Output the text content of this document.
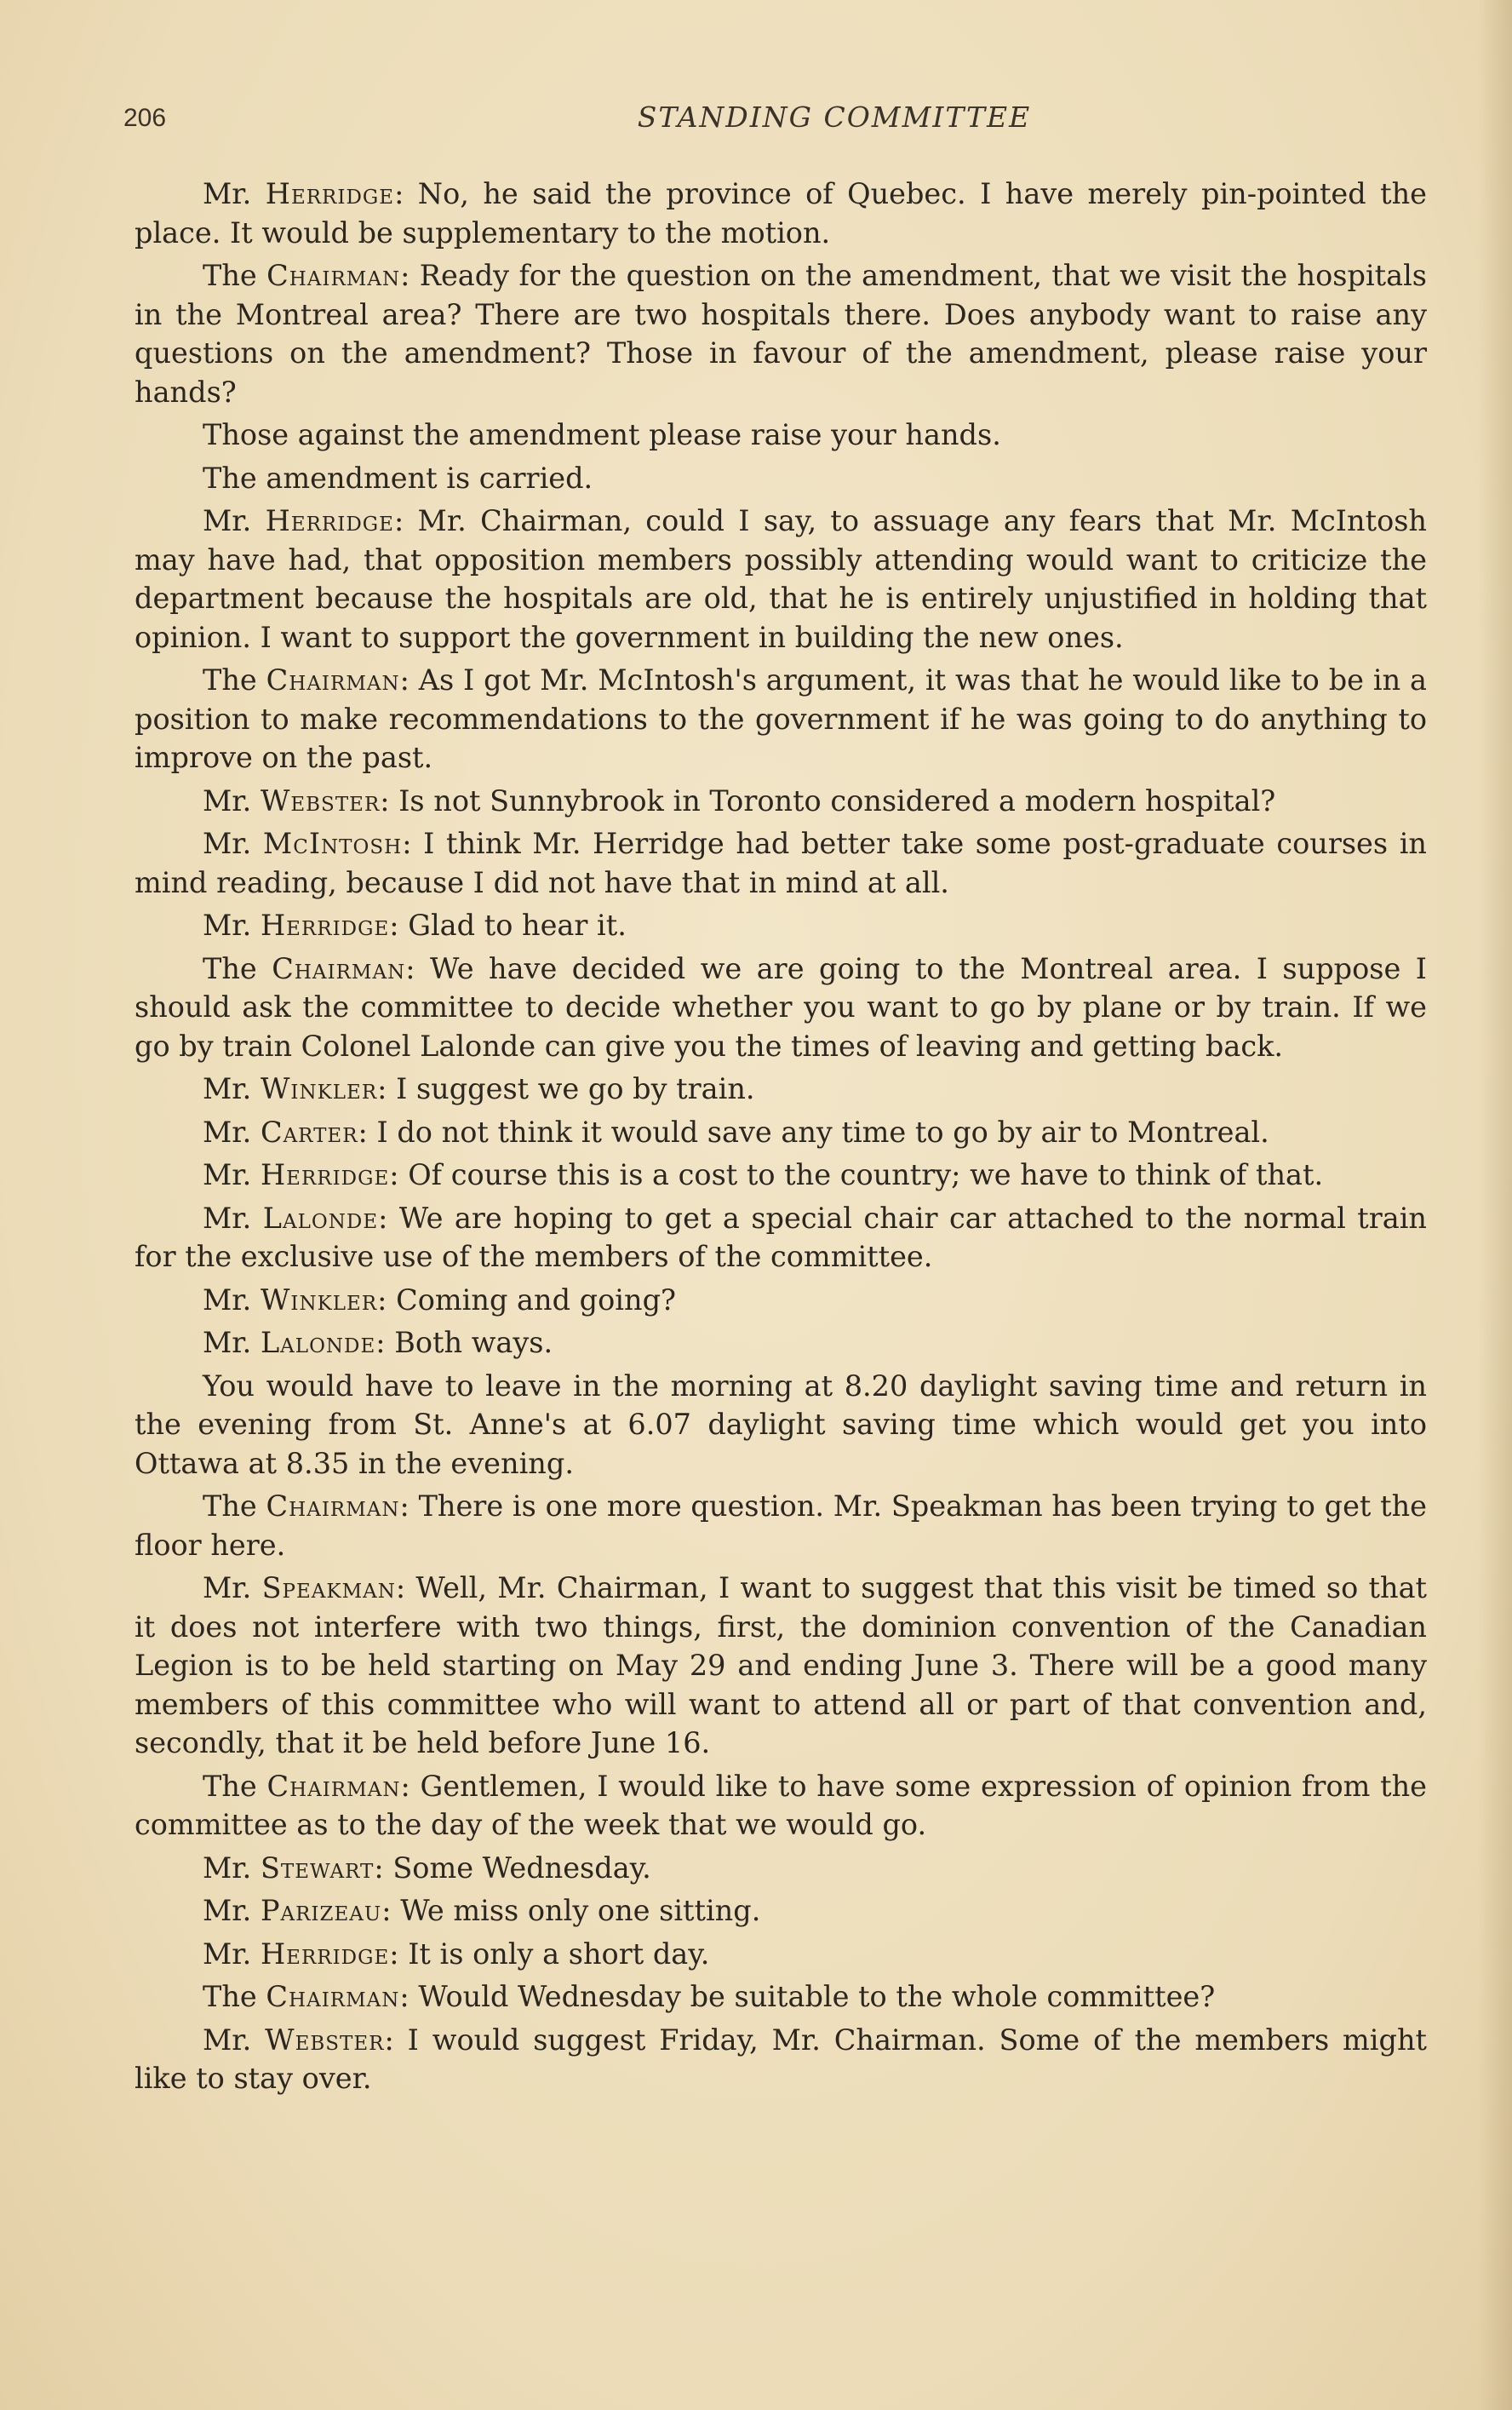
206	STANDING COMMITTEE

Mr. Herridge: No, he said the province of Quebec. I have merely pin-pointed the place. It would be supplementary to the motion.

The Chairman: Ready for the question on the amendment, that we visit the hospitals in the Montreal area? There are two hospitals there. Does anybody want to raise any questions on the amendment? Those in favour of the amendment, please raise your hands?

Those against the amendment please raise your hands.

The amendment is carried.

Mr. Herridge: Mr. Chairman, could I say, to assuage any fears that Mr. McIntosh may have had, that opposition members possibly attending would want to criticize the department because the hospitals are old, that he is entirely unjustified in holding that opinion. I want to support the government in building the new ones.

The Chairman: As I got Mr. McIntosh's argument, it was that he would like to be in a position to make recommendations to the government if he was going to do anything to improve on the past.

Mr. Webster: Is not Sunnybrook in Toronto considered a modern hospital?

Mr. McIntosh: I think Mr. Herridge had better take some post-graduate courses in mind reading, because I did not have that in mind at all.

Mr. Herridge: Glad to hear it.

The Chairman: We have decided we are going to the Montreal area. I suppose I should ask the committee to decide whether you want to go by plane or by train. If we go by train Colonel Lalonde can give you the times of leaving and getting back.

Mr. Winkler: I suggest we go by train.

Mr. Carter: I do not think it would save any time to go by air to Montreal.

Mr. Herridge: Of course this is a cost to the country; we have to think of that.

Mr. Lalonde: We are hoping to get a special chair car attached to the normal train for the exclusive use of the members of the committee.

Mr. Winkler: Coming and going?

Mr. Lalonde: Both ways.

You would have to leave in the morning at 8.20 daylight saving time and return in the evening from St. Anne's at 6.07 daylight saving time which would get you into Ottawa at 8.35 in the evening.

The Chairman: There is one more question. Mr. Speakman has been trying to get the floor here.

Mr. Speakman: Well, Mr. Chairman, I want to suggest that this visit be timed so that it does not interfere with two things, first, the dominion convention of the Canadian Legion is to be held starting on May 29 and ending June 3. There will be a good many members of this committee who will want to attend all or part of that convention and, secondly, that it be held before June 16.

The Chairman: Gentlemen, I would like to have some expression of opinion from the committee as to the day of the week that we would go.

Mr. Stewart: Some Wednesday.

Mr. Parizeau: We miss only one sitting.

Mr. Herridge: It is only a short day.

The Chairman: Would Wednesday be suitable to the whole committee?

Mr. Webster: I would suggest Friday, Mr. Chairman. Some of the members might like to stay over.
